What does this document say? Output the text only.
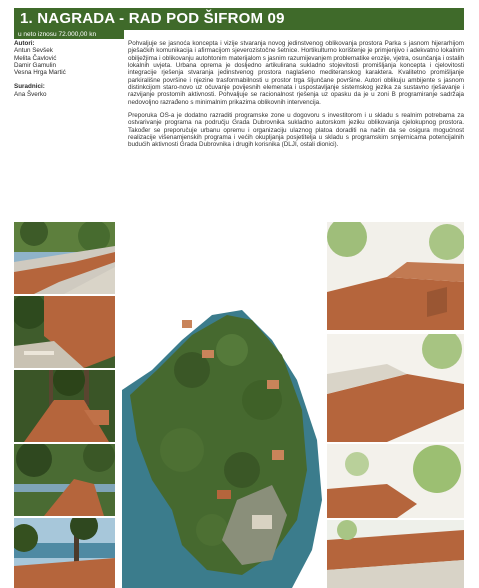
1. NAGRADA - RAD POD ŠIFROM 09
u neto iznosu 72.000,00 kn
Autori:
Antun Sevšek
Melita Čavlović
Damir Gamulin
Vesna Hrga Martić
Suradnici:
Ana Šverko

Pohvaljuje se jasnoća koncepta i vizije stvaranja novog jedinstvenog oblikovanja prostora Parka s jasnom hijerarhijom pješačkih komunikacija i afirmacijom sjeverozistočne šetnice. Hortikulturno korištenje je primjenjivo i adekvatno lokalnim obilježjima i oblikovanju autohtonim materijalom s jasnim razumijevanjem problematike erozije, vjetra, osunčanja i ostalih lokalnih uvjeta. Urbana oprema je dosljedno artikulirana sukladno stojevitosti promišljanja koncepta i cjelovitosti integracije rješenja stvaranja jedinstvenog prostora naglašeno mediteranskog karaktera. Kvalitetno promišljanje parkirališne površine i njezine trasformabilnosti u prostor trga šljunčane površine. Autori oblikuju ambijente s jasnom distinkcijom staro-novo uz očuvanje povijesnih elemenata i uspostavljanje sistemskog jezika za sustavno rješavanje i razvijanje prostornih aktivnosti. Pohvaljuje se racionalnost rješenja uz opasku da je u zoni B programiranje sadržaja nedovoljno razrađeno s minimalnim prikazima oblikovnih intervencija.

Preporuka OS-a je dodatno razraditi programske zone u dogovoru s investitorom i u skladu s realnim potrebama za ostvarivanje programa na području Grada Dubrovnika sukladno autorskom jeziku oblikovanja cjelokupnog prostora. Također se preporučuje urbanu opremu i organizaciju ulaznog platoa doraditi na način da se osigura mogućnost realizacije višenamjenskih programa i većih okupljanja posjetitelja u skladu s programskim smjernicama potencijalnih budućih aktivnosti Grada Dubrovnika i drugih korisnika (DLJI, ostali dionici).
